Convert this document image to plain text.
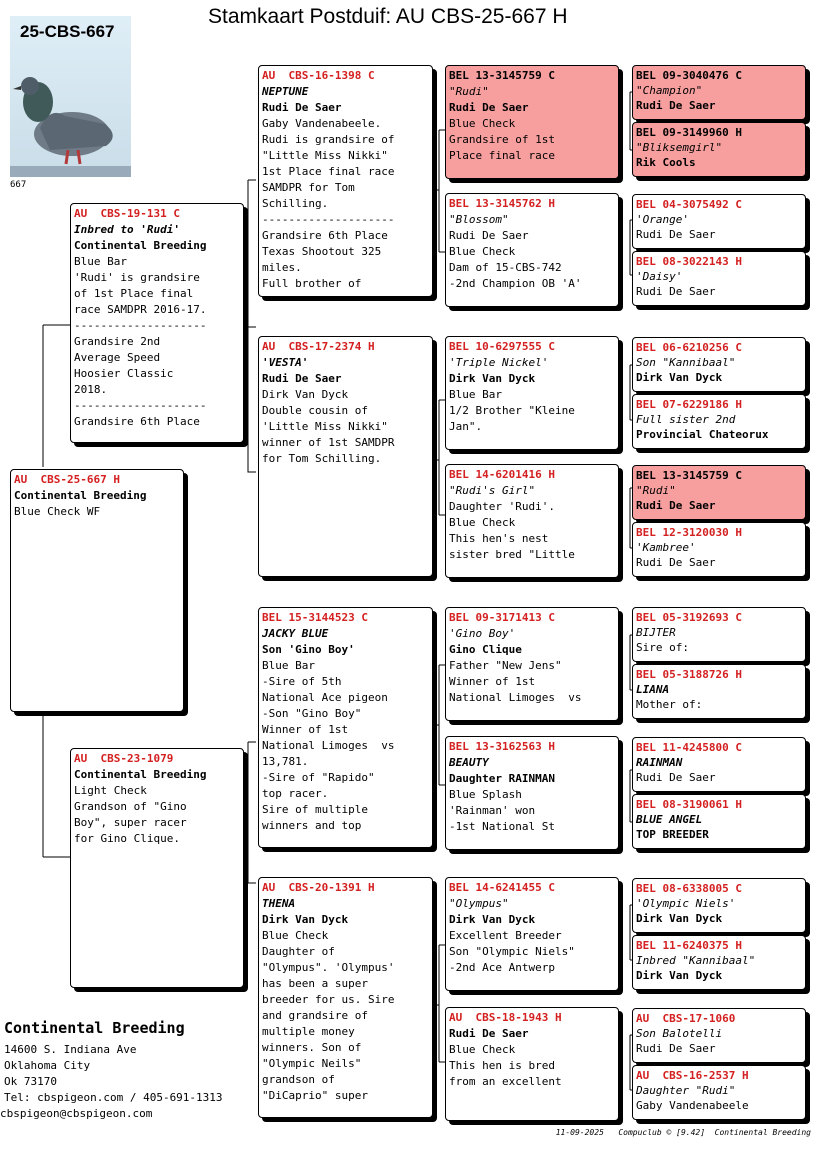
Stamkaart Postduif: AU CBS-25-667 H
25-CBS-667
667
AU  CBS-25-667 H
Continental Breeding
Blue Check WF
AU  CBS-19-131 C
Inbred to 'Rudi'
Continental Breeding
Blue Bar
'Rudi' is grandsire
of 1st Place final
race SAMDPR 2016-17.
--------------------
Grandsire 2nd
Average Speed
Hoosier Classic
2018.
--------------------
Grandsire 6th Place
AU  CBS-23-1079
Continental Breeding
Light Check
Grandson of "Gino
Boy", super racer
for Gino Clique.
AU  CBS-16-1398 C
NEPTUNE
Rudi De Saer
Gaby Vandenabeele.
Rudi is grandsire of
"Little Miss Nikki"
1st Place final race
SAMDPR for Tom
Schilling.
--------------------
Grandsire 6th Place
Texas Shootout 325
miles.
Full brother of
AU  CBS-17-2374 H
'VESTA'
Rudi De Saer
Dirk Van Dyck
Double cousin of
'Little Miss Nikki"
winner of 1st SAMDPR
for Tom Schilling.
BEL 15-3144523 C
JACKY BLUE
Son 'Gino Boy'
Blue Bar
-Sire of 5th
National Ace pigeon
-Son "Gino Boy"
Winner of 1st
National Limoges  vs
13,781.
-Sire of "Rapido"
top racer.
Sire of multiple
winners and top
AU  CBS-20-1391 H
THENA
Dirk Van Dyck
Blue Check
Daughter of
"Olympus". 'Olympus'
has been a super
breeder for us. Sire
and grandsire of
multiple money
winners. Son of
"Olympic Neils"
grandson of
"DiCaprio" super
BEL 13-3145759 C
"Rudi"
Rudi De Saer
Blue Check
Grandsire of 1st
Place final race
BEL 13-3145762 H
"Blossom"
Rudi De Saer
Blue Check
Dam of 15-CBS-742
-2nd Champion OB 'A'
BEL 10-6297555 C
'Triple Nickel'
Dirk Van Dyck
Blue Bar
1/2 Brother "Kleine
Jan".
BEL 14-6201416 H
"Rudi's Girl"
Daughter 'Rudi'.
Blue Check
This hen's nest
sister bred "Little
BEL 09-3171413 C
'Gino Boy'
Gino Clique
Father "New Jens"
Winner of 1st
National Limoges  vs
BEL 13-3162563 H
BEAUTY
Daughter RAINMAN
Blue Splash
'Rainman' won
-1st National St
BEL 14-6241455 C
"Olympus"
Dirk Van Dyck
Excellent Breeder
Son "Olympic Niels"
-2nd Ace Antwerp
AU  CBS-18-1943 H
Rudi De Saer
Blue Check
This hen is bred
from an excellent
BEL 09-3040476 C
"Champion"
Rudi De Saer
BEL 09-3149960 H
"Bliksemgirl"
Rik Cools
BEL 04-3075492 C
'Orange'
Rudi De Saer
BEL 08-3022143 H
'Daisy'
Rudi De Saer
BEL 06-6210256 C
Son "Kannibaal"
Dirk Van Dyck
BEL 07-6229186 H
Full sister 2nd
Provincial Chateorux
BEL 13-3145759 C
"Rudi"
Rudi De Saer
BEL 12-3120030 H
'Kambree'
Rudi De Saer
BEL 05-3192693 C
BIJTER
Sire of:
BEL 05-3188726 H
LIANA
Mother of:
BEL 11-4245800 C
RAINMAN
Rudi De Saer
BEL 08-3190061 H
BLUE ANGEL
TOP BREEDER
BEL 08-6338005 C
'Olympic Niels'
Dirk Van Dyck
BEL 11-6240375 H
Inbred "Kannibaal"
Dirk Van Dyck
AU  CBS-17-1060
Son Balotelli
Rudi De Saer
AU  CBS-16-2537 H
Daughter "Rudi"
Gaby Vandenabeele
Continental Breeding
14600 S. Indiana Ave
Oklahoma City
Ok 73170
Tel: cbspigeon.com / 405-691-1313
cbspigeon@cbspigeon.com
11-09-2025   Compuclub © [9.42]  Continental Breeding
